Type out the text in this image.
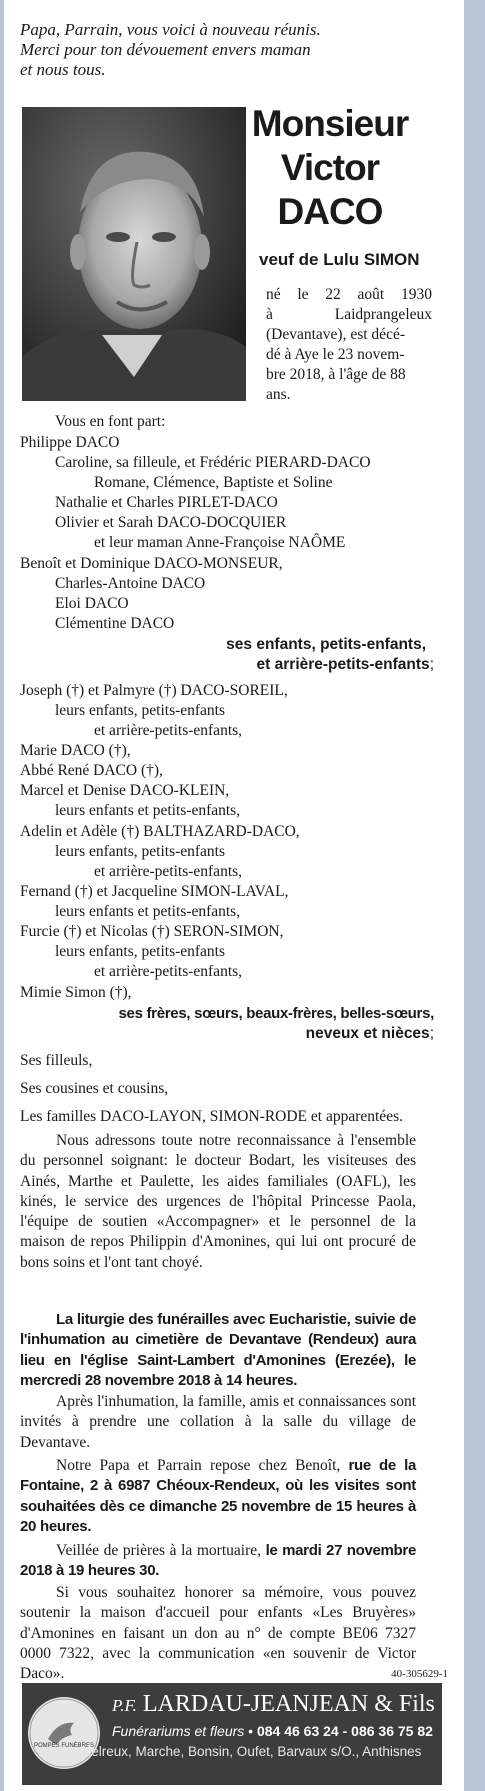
Papa, Parrain, vous voici à nouveau réunis.
Merci pour ton dévouement envers maman
et nous tous.
Monsieur
Victor
DACO
veuf de Lulu SIMON
né le 22 août 1930
à Laidprangeleux
(Devantave), est décé-
dé à Aye le 23 novem-
bre 2018, à l'âge de 88
ans.
Vous en font part:
Philippe DACO
Caroline, sa filleule, et Frédéric PIERARD-DACO
Romane, Clémence, Baptiste et Soline
Nathalie et Charles PIRLET-DACO
Olivier et Sarah DACO-DOCQUIER
et leur maman Anne-Françoise NAÔME
Benoît et Dominique DACO-MONSEUR,
Charles-Antoine DACO
Eloi DACO
Clémentine DACO
ses enfants, petits-enfants,
et arrière-petits-enfants;
Joseph (†) et Palmyre (†) DACO-SOREIL,
leurs enfants, petits-enfants
et arrière-petits-enfants,
Marie DACO (†),
Abbé René DACO (†),
Marcel et Denise DACO-KLEIN,
leurs enfants et petits-enfants,
Adelin et Adèle (†) BALTHAZARD-DACO,
leurs enfants, petits-enfants
et arrière-petits-enfants,
Fernand (†) et Jacqueline SIMON-LAVAL,
leurs enfants et petits-enfants,
Furcie (†) et Nicolas (†) SERON-SIMON,
leurs enfants, petits-enfants
et arrière-petits-enfants,
Mimie Simon (†),
ses frères, sœurs, beaux-frères, belles-sœurs,
neveux et nièces;
Ses filleuls,
Ses cousines et cousins,
Les familles DACO-LAYON, SIMON-RODE et apparentées.
Nous adressons toute notre reconnaissance à l'ensemble du personnel soignant: le docteur Bodart, les visiteuses des Ainés, Marthe et Paulette, les aides familiales (OAFL), les kinés, le service des urgences de l'hôpital Princesse Paola, l'équipe de soutien «Accompagner» et le personnel de la maison de repos Philippin d'Amonines, qui lui ont procuré de bons soins et l'ont tant choyé.
La liturgie des funérailles avec Eucharistie, suivie de l'inhumation au cimetière de Devantave (Rendeux) aura lieu en l'église Saint-Lambert d'Amonines (Erezée), le mercredi 28 novembre 2018 à 14 heures.
Après l'inhumation, la famille, amis et connaissances sont invités à prendre une collation à la salle du village de Devantave.
Notre Papa et Parrain repose chez Benoît, rue de la Fontaine, 2 à 6987 Chéoux-Rendeux, où les visites sont souhaitées dès ce dimanche 25 novembre de 15 heures à 20 heures.
Veillée de prières à la mortuaire, le mardi 27 novembre 2018 à 19 heures 30.
Si vous souhaitez honorer sa mémoire, vous pouvez soutenir la maison d'accueil pour enfants «Les Bruyères» d'Amonines en faisant un don au n° de compte BE06 7327 0000 7322, avec la communication «en souvenir de Victor Daco».	40-305629-1
POMPES FUNÈBRES
P.F. LARDAU-JEANJEAN & Fils
Funérariums et fleurs • 084 46 63 24 - 086 36 75 82
Melreux, Marche, Bonsin, Oufet, Barvaux s/O., Anthisnes
